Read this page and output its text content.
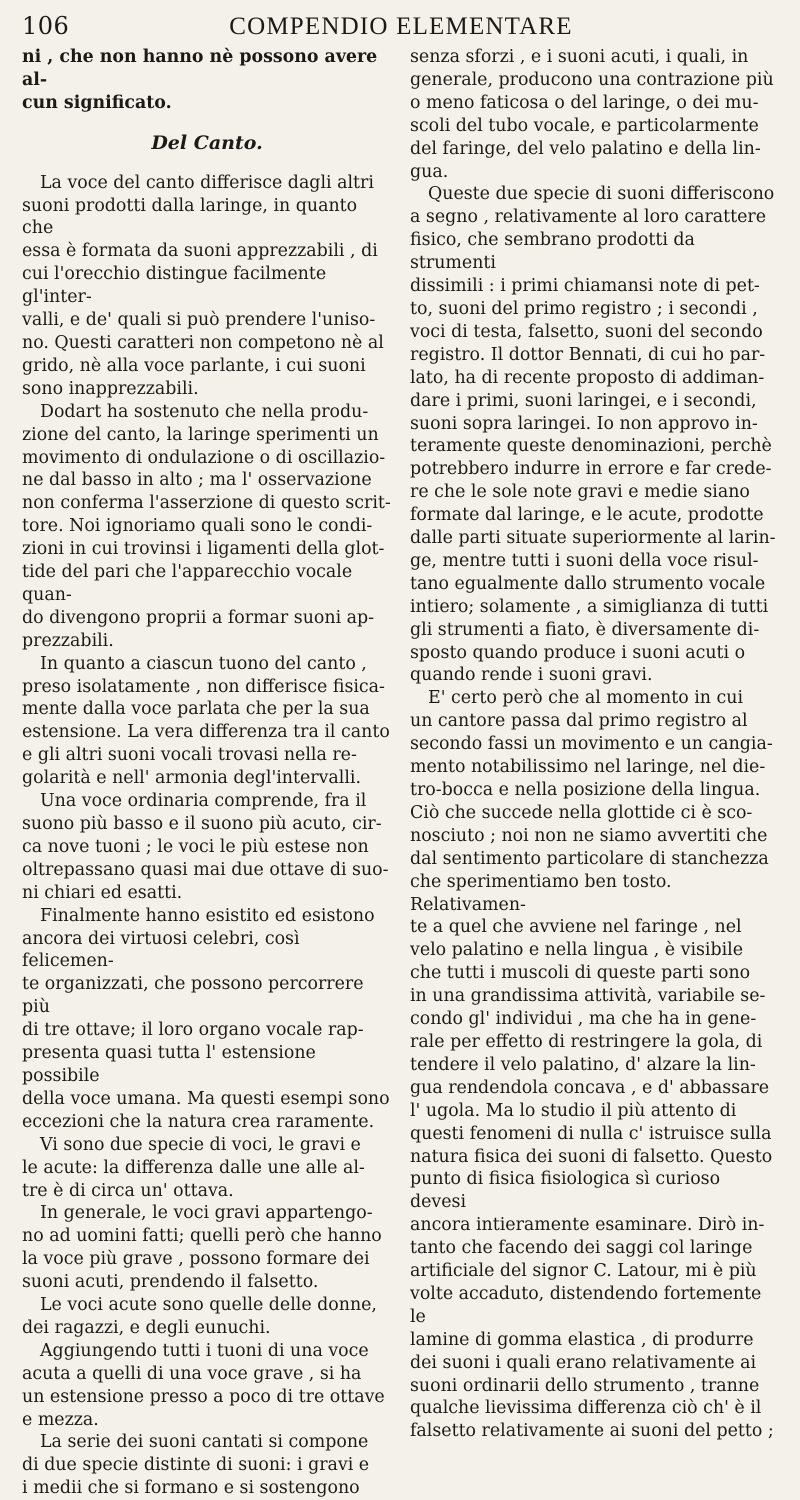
106	COMPENDIO ELEMENTARE

ni , che non hanno nè possono avere al-
cun significato.

Del Canto.

La voce del canto differisce dagli altri
suoni prodotti dalla laringe, in quanto che
essa è formata da suoni apprezzabili , di
cui l'orecchio distingue facilmente gl'inter-
valli, e de' quali si può prendere l'uniso-
no. Questi caratteri non competono nè al
grido, nè alla voce parlante, i cui suoni
sono inapprezzabili.

Dodart ha sostenuto che nella produ-
zione del canto, la laringe sperimenti un
movimento di ondulazione o di oscillazio-
ne dal basso in alto ; ma l' osservazione
non conferma l'asserzione di questo scrit-
tore. Noi ignoriamo quali sono le condi-
zioni in cui trovinsi i ligamenti della glot-
tide del pari che l'apparecchio vocale quan-
do divengono proprii a formar suoni ap-
prezzabili.

In quanto a ciascun tuono del canto ,
preso isolatamente , non differisce fisica-
mente dalla voce parlata che per la sua
estensione. La vera differenza tra il canto
e gli altri suoni vocali trovasi nella re-
golarità e nell' armonia degl'intervalli.

Una voce ordinaria comprende, fra il
suono più basso e il suono più acuto, cir-
ca nove tuoni ; le voci le più estese non
oltrepassano quasi mai due ottave di suo-
ni chiari ed esatti.

Finalmente hanno esistito ed esistono
ancora dei virtuosi celebri, così felicemen-
te organizzati, che possono percorrere più
di tre ottave; il loro organo vocale rap-
presenta quasi tutta l' estensione possibile
della voce umana. Ma questi esempi sono
eccezioni che la natura crea raramente.

Vi sono due specie di voci, le gravi e
le acute: la differenza dalle une alle al-
tre è di circa un' ottava.

In generale, le voci gravi appartengo-
no ad uomini fatti; quelli però che hanno
la voce più grave , possono formare dei
suoni acuti, prendendo il falsetto.

Le voci acute sono quelle delle donne,
dei ragazzi, e degli eunuchi.

Aggiungendo tutti i tuoni di una voce
acuta a quelli di una voce grave , si ha
un estensione presso a poco di tre ottave
e mezza.

La serie dei suoni cantati si compone
di due specie distinte di suoni: i gravi e
i medii che si formano e si sostengono

senza sforzi , e i suoni acuti, i quali, in
generale, producono una contrazione più
o meno faticosa o del laringe, o dei mu-
scoli del tubo vocale, e particolarmente
del faringe, del velo palatino e della lin-
gua.

Queste due specie di suoni differiscono
a segno , relativamente al loro carattere
fisico, che sembrano prodotti da strumenti
dissimili : i primi chiamansi note di pet-
to, suoni del primo registro ; i secondi ,
voci di testa, falsetto, suoni del secondo
registro. Il dottor Bennati, di cui ho par-
lato, ha di recente proposto di addiman-
dare i primi, suoni laringei, e i secondi,
suoni sopra laringei. Io non approvo in-
teramente queste denominazioni, perchè
potrebbero indurre in errore e far crede-
re che le sole note gravi e medie siano
formate dal laringe, e le acute, prodotte
dalle parti situate superiormente al larin-
ge, mentre tutti i suoni della voce risul-
tano egualmente dallo strumento vocale
intiero; solamente , a simiglianza di tutti
gli strumenti a fiato, è diversamente di-
sposto quando produce i suoni acuti o
quando rende i suoni gravi.

E' certo però che al momento in cui
un cantore passa dal primo registro al
secondo fassi un movimento e un cangia-
mento notabilissimo nel laringe, nel die-
tro-bocca e nella posizione della lingua.
Ciò che succede nella glottide ci è sco-
nosciuto ; noi non ne siamo avvertiti che
dal sentimento particolare di stanchezza
che sperimentiamo ben tosto. Relativamen-
te a quel che avviene nel faringe , nel
velo palatino e nella lingua , è visibile
che tutti i muscoli di queste parti sono
in una grandissima attività, variabile se-
condo gl' individui , ma che ha in gene-
rale per effetto di restringere la gola, di
tendere il velo palatino, d' alzare la lin-
gua rendendola concava , e d' abbassare
l' ugola. Ma lo studio il più attento di
questi fenomeni di nulla c' istruisce sulla
natura fisica dei suoni di falsetto. Questo
punto di fisica fisiologica sì curioso devesi
ancora intieramente esaminare. Dirò in-
tanto che facendo dei saggi col laringe
artificiale del signor C. Latour, mi è più
volte accaduto, distendendo fortemente le
lamine di gomma elastica , di produrre
dei suoni i quali erano relativamente ai
suoni ordinarii dello strumento , tranne
qualche lievissima differenza ciò ch' è il
falsetto relativamente ai suoni del petto ;
